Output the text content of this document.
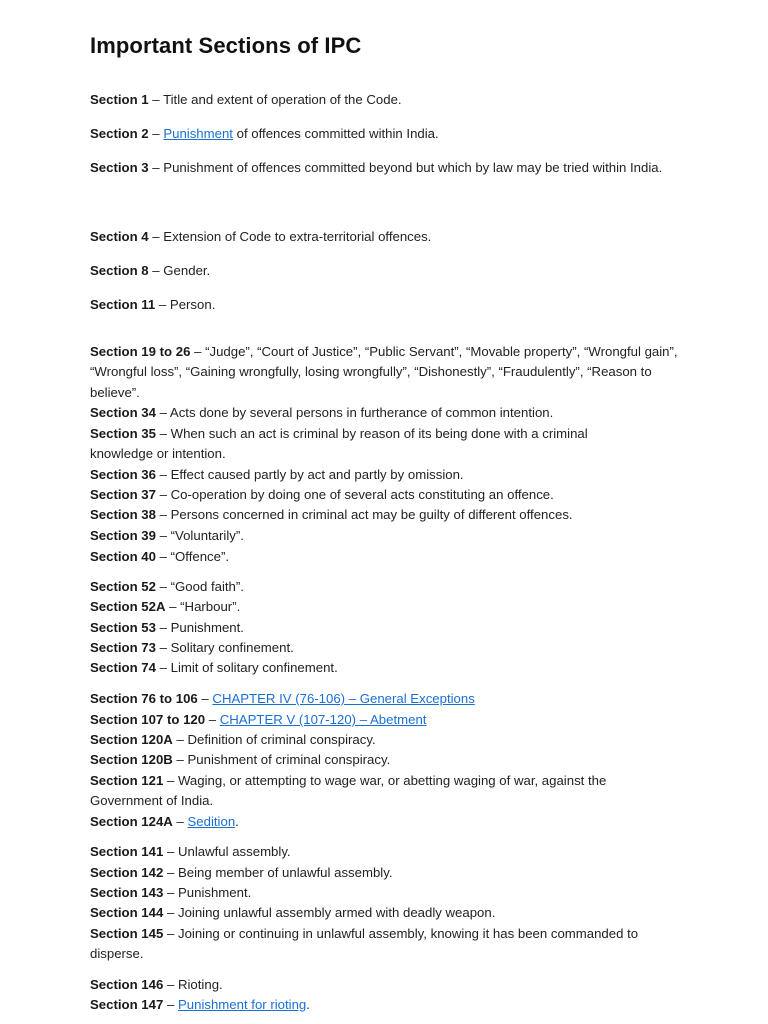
Important Sections of IPC

Section 1 – Title and extent of operation of the Code.

Section 2 – Punishment of offences committed within India.

Section 3 – Punishment of offences committed beyond but which by law may be tried within India.

Section 4 – Extension of Code to extra-territorial offences.

Section 8 – Gender.

Section 11 – Person.

Section 19 to 26 – “Judge”, “Court of Justice”, “Public Servant”, “Movable property”, “Wrongful gain”, “Wrongful loss”, “Gaining wrongfully, losing wrongfully”, “Dishonestly”, “Fraudulently”, “Reason to believe”.

Section 34 – Acts done by several persons in furtherance of common intention.

Section 35 – When such an act is criminal by reason of its being done with a criminal knowledge or intention.

Section 36 – Effect caused partly by act and partly by omission.

Section 37 – Co-operation by doing one of several acts constituting an offence.

Section 38 – Persons concerned in criminal act may be guilty of different offences.

Section 39 – “Voluntarily”.

Section 40 – “Offence”.

Section 52 – “Good faith”.

Section 52A – “Harbour”.

Section 53 – Punishment.

Section 73 – Solitary confinement.

Section 74 – Limit of solitary confinement.

Section 76 to 106 – CHAPTER IV (76-106) – General Exceptions

Section 107 to 120 – CHAPTER V (107-120) – Abetment

Section 120A – Definition of criminal conspiracy.

Section 120B – Punishment of criminal conspiracy.

Section 121 – Waging, or attempting to wage war, or abetting waging of war, against the Government of India.

Section 124A – Sedition.

Section 141 – Unlawful assembly.

Section 142 – Being member of unlawful assembly.

Section 143 – Punishment.

Section 144 – Joining unlawful assembly armed with deadly weapon.

Section 145 – Joining or continuing in unlawful assembly, knowing it has been commanded to disperse.

Section 146 – Rioting.

Section 147 – Punishment for rioting.
